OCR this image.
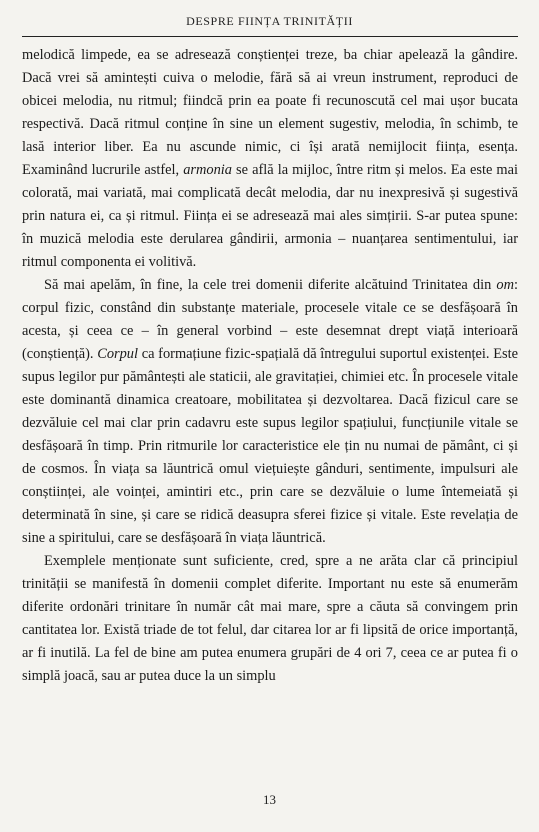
DESPRE FIINȚA TRINITĂȚII

melodică limpede, ea se adresează conștienței treze, ba chiar apelează la gândire. Dacă vrei să amintești cuiva o melodie, fără să ai vreun instrument, reproduci de obicei melodia, nu ritmul; fiindcă prin ea poate fi recunoscută cel mai ușor bucata respectivă. Dacă ritmul conține în sine un element sugestiv, melodia, în schimb, te lasă interior liber. Ea nu ascunde nimic, ci își arată nemijlocit ființa, esența. Examinând lucrurile astfel, armonia se află la mijloc, între ritm și melos. Ea este mai colorată, mai variată, mai complicată decât melodia, dar nu inexpresivă și sugestivă prin natura ei, ca și ritmul. Ființa ei se adresează mai ales simțirii. S-ar putea spune: în muzică melodia este derularea gândirii, armonia – nuanțarea sentimentului, iar ritmul componenta ei volitivă.

Să mai apelăm, în fine, la cele trei domenii diferite alcătuind Trinitatea din om: corpul fizic, constând din substanțe materiale, procesele vitale ce se desfășoară în acesta, și ceea ce – în general vorbind – este desemnat drept viață interioară (conștiență). Corpul ca formațiune fizic-spațială dă întregului suportul existenței. Este supus legilor pur pământești ale staticii, ale gravitației, chimiei etc. În procesele vitale este dominantă dinamica creatoare, mobilitatea și dezvoltarea. Dacă fizicul care se dezvăluie cel mai clar prin cadavru este supus legilor spațiului, funcțiunile vitale se desfășoară în timp. Prin ritmurile lor caracteristice ele țin nu numai de pământ, ci și de cosmos. În viața sa lăuntrică omul viețuiește gânduri, sentimente, impulsuri ale conștiinței, ale voinței, amintiri etc., prin care se dezvăluie o lume întemeiată și determinată în sine, și care se ridică deasupra sferei fizice și vitale. Este revelația de sine a spiritului, care se desfășoară în viața lăuntrică.

Exemplele menționate sunt suficiente, cred, spre a ne arăta clar că principiul trinității se manifestă în domenii complet diferite. Important nu este să enumerăm diferite ordonări trinitare în număr cât mai mare, spre a căuta să convingem prin cantitatea lor. Există triade de tot felul, dar citarea lor ar fi lipsită de orice importanță, ar fi inutilă. La fel de bine am putea enumera grupări de 4 ori 7, ceea ce ar putea fi o simplă joacă, sau ar putea duce la un simplu

13
